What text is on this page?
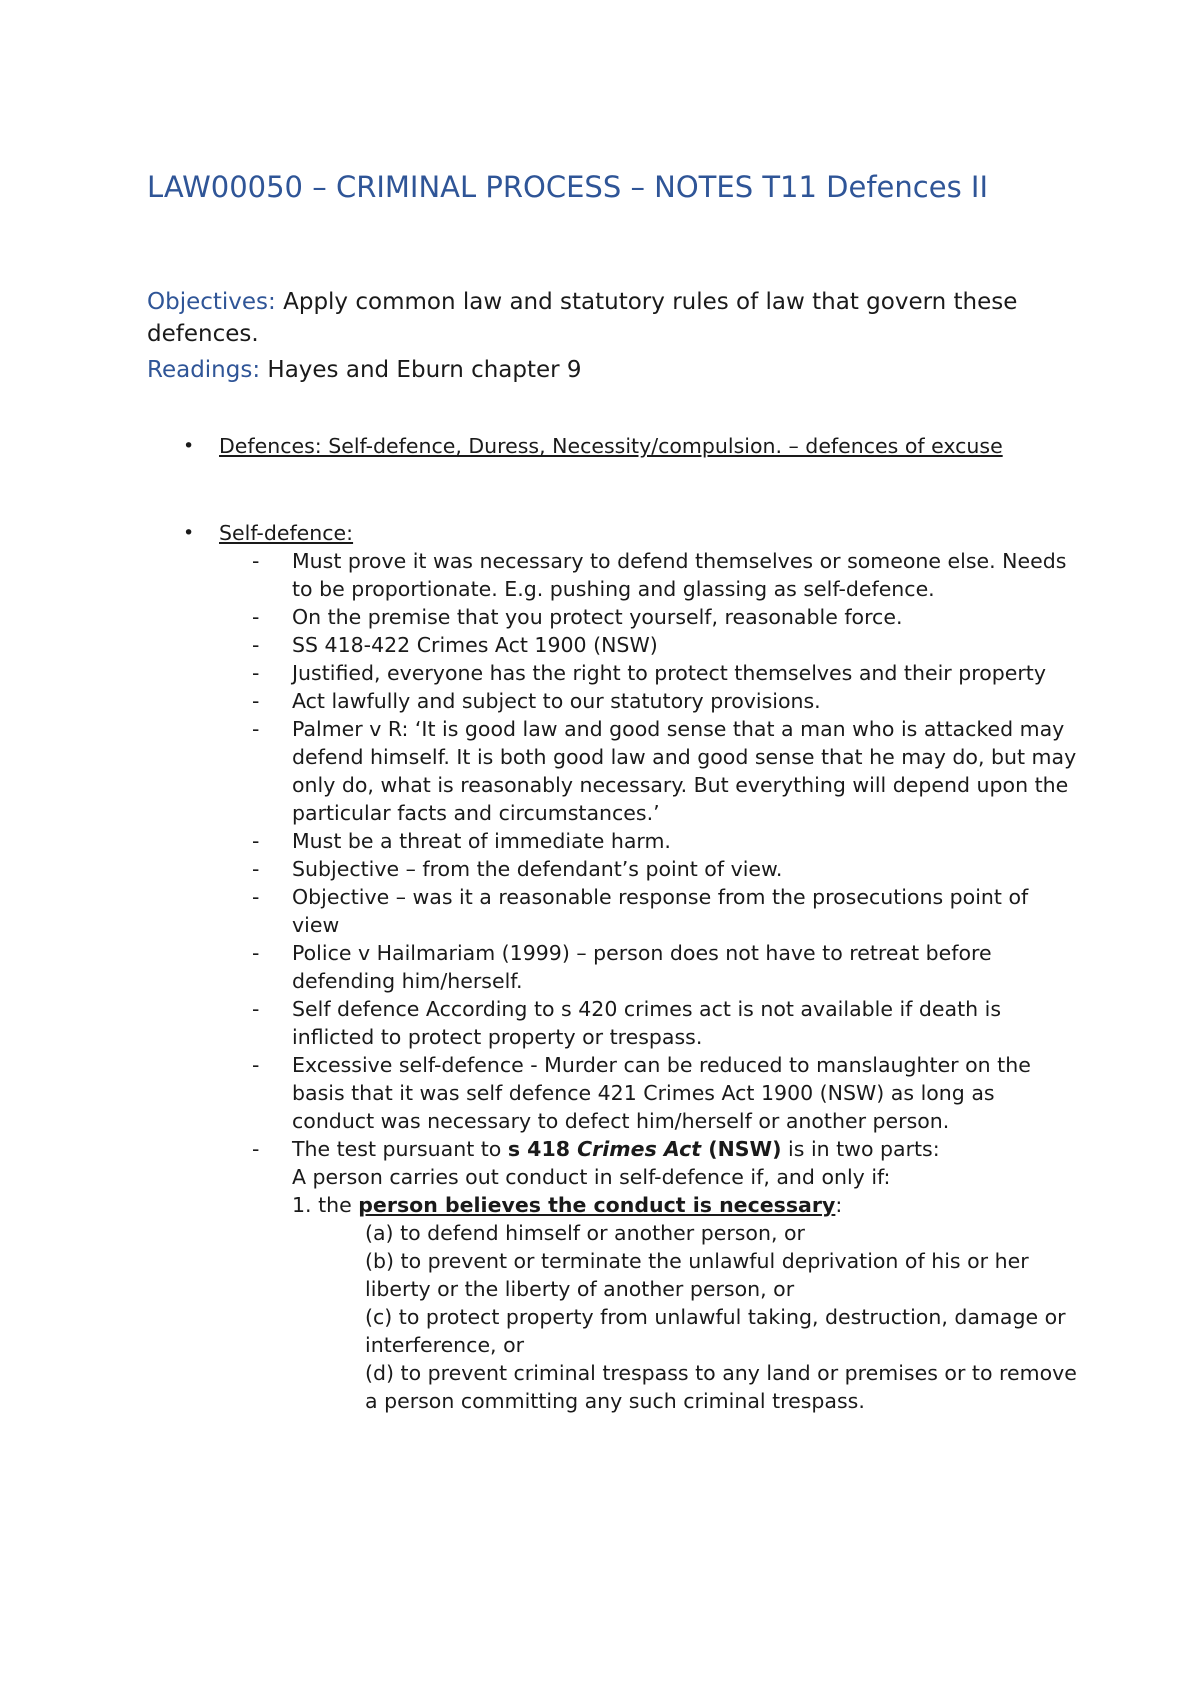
LAW00050 – CRIMINAL PROCESS – NOTES T11 Defences II

Objectives: Apply common law and statutory rules of law that govern these defences.

Readings: Hayes and Eburn chapter 9

•	Defences: Self-defence, Duress, Necessity/compulsion. – defences of excuse

•	Self-defence:

- Must prove it was necessary to defend themselves or someone else. Needs to be proportionate. E.g. pushing and glassing as self-defence.
- On the premise that you protect yourself, reasonable force.
- SS 418-422 Crimes Act 1900 (NSW)
- Justified, everyone has the right to protect themselves and their property
- Act lawfully and subject to our statutory provisions.
- Palmer v R: ‘It is good law and good sense that a man who is attacked may defend himself. It is both good law and good sense that he may do, but may only do, what is reasonably necessary. But everything will depend upon the particular facts and circumstances.’
- Must be a threat of immediate harm.
- Subjective – from the defendant’s point of view.
- Objective – was it a reasonable response from the prosecutions point of view
- Police v Hailmariam (1999) – person does not have to retreat before defending him/herself.
- Self defence According to s 420 crimes act is not available if death is inflicted to protect property or trespass.
- Excessive self-defence - Murder can be reduced to manslaughter on the basis that it was self defence 421 Crimes Act 1900 (NSW) as long as conduct was necessary to defect him/herself or another person.
- The test pursuant to s 418 Crimes Act (NSW) is in two parts:
A person carries out conduct in self-defence if, and only if:
1. the person believes the conduct is necessary:
(a) to defend himself or another person, or
(b) to prevent or terminate the unlawful deprivation of his or her liberty or the liberty of another person, or
(c) to protect property from unlawful taking, destruction, damage or interference, or
(d) to prevent criminal trespass to any land or premises or to remove a person committing any such criminal trespass.
